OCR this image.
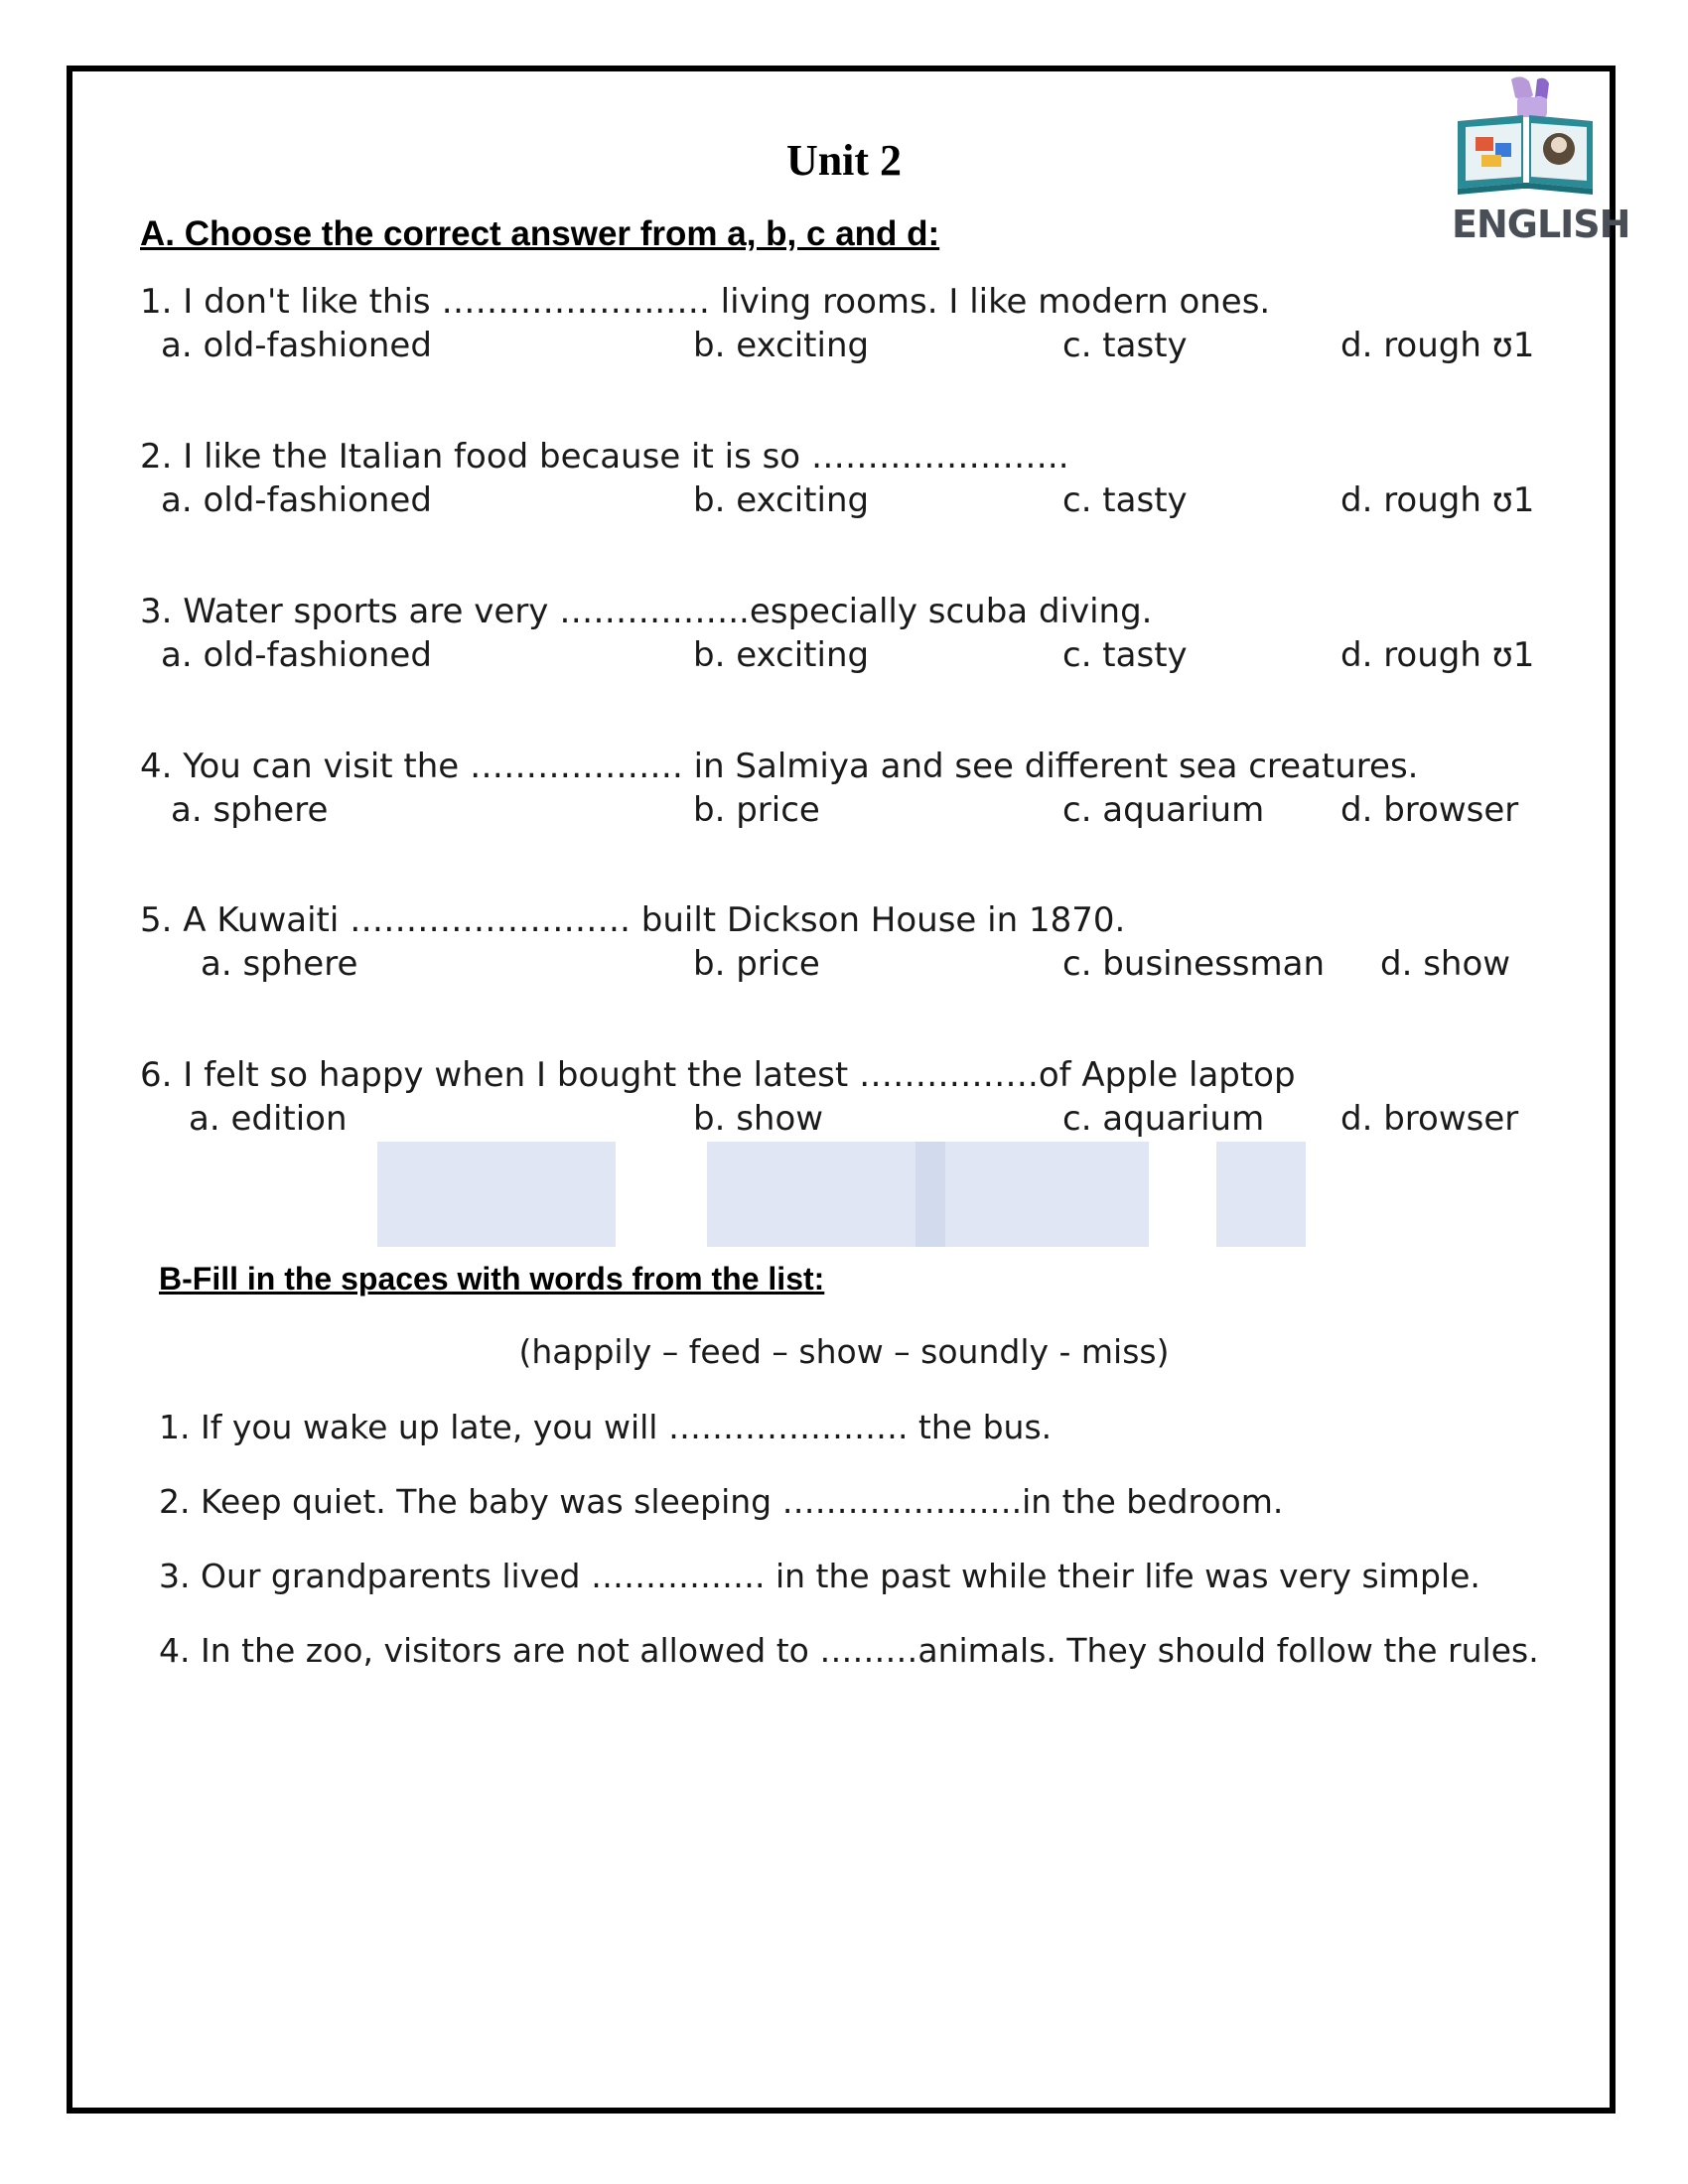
ENGLISH
Unit 2
A. Choose the correct answer from a, b, c and d:
1. I don't like this ………………..…. living rooms. I like modern ones.
a. old-fashioned	b. exciting	c. tasty	d. rough ʊ1
2. I like the Italian food because it is so …………………..
a. old-fashioned	b. exciting	c. tasty	d. rough ʊ1
3. Water sports are very ……………..especially scuba diving.
a. old-fashioned	b. exciting	c. tasty	d. rough ʊ1
4. You can visit the ………………. in Salmiya and see different sea creatures.
a. sphere	b. price	c. aquarium d. browser
5. A Kuwaiti ……………………. built Dickson House in 1870.
a. sphere	b. price	c. businessman d. show
6. I felt so happy when I bought the latest …………….of Apple laptop
a. edition	b. show	c. aquarium d. browser
B-Fill in the spaces with words from the list:
(happily – feed – show – soundly - miss)
1. If you wake up late, you will …………………. the bus.
2. Keep quiet. The baby was sleeping ………………….in the bedroom.
3. Our grandparents lived ……………. in the past while their life was very simple.
4. In the zoo, visitors are not allowed to ………animals. They should follow the rules.
